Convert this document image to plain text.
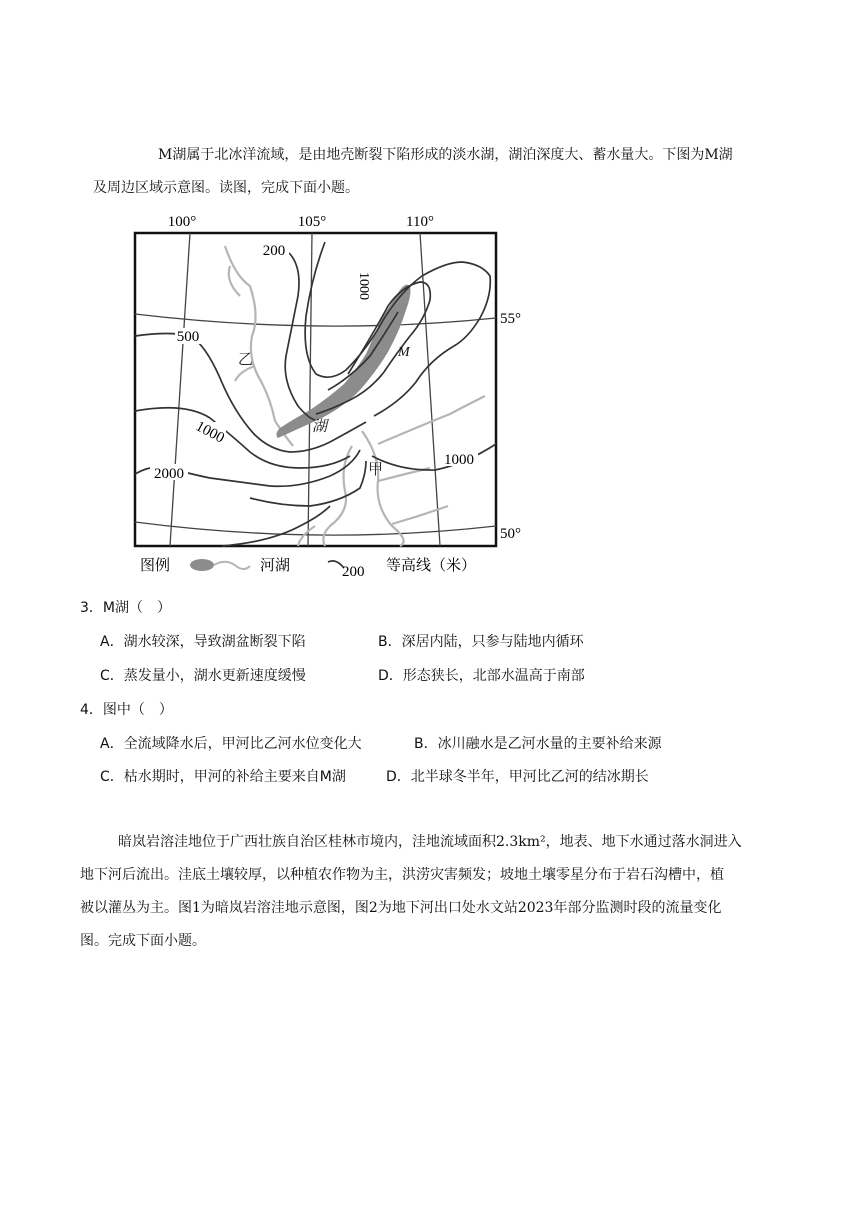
M湖属于北冰洋流域，是由地壳断裂下陷形成的淡水湖，湖泊深度大、蓄水量大。下图为M湖
及周边区域示意图。读图，完成下面小题。
100°	105°	110°
200
1000
500
1000
2000
1000
55°
50°
M
湖
乙
甲
图例	河湖	200 等高线（米）
3．M湖（　）
A．湖水较深，导致湖盆断裂下陷	B．深居内陆，只参与陆地内循环
C．蒸发量小，湖水更新速度缓慢	D．形态狭长，北部水温高于南部
4．图中（　）
A．全流域降水后，甲河比乙河水位变化大	B．冰川融水是乙河水量的主要补给来源
C．枯水期时，甲河的补给主要来自M湖	D．北半球冬半年，甲河比乙河的结冰期长
暗岚岩溶洼地位于广西壮族自治区桂林市境内，洼地流域面积2.3km²，地表、地下水通过落水洞进入
地下河后流出。洼底土壤较厚，以种植农作物为主，洪涝灾害频发；坡地土壤零星分布于岩石沟槽中，植
被以灌丛为主。图1为暗岚岩溶洼地示意图，图2为地下河出口处水文站2023年部分监测时段的流量变化
图。完成下面小题。
